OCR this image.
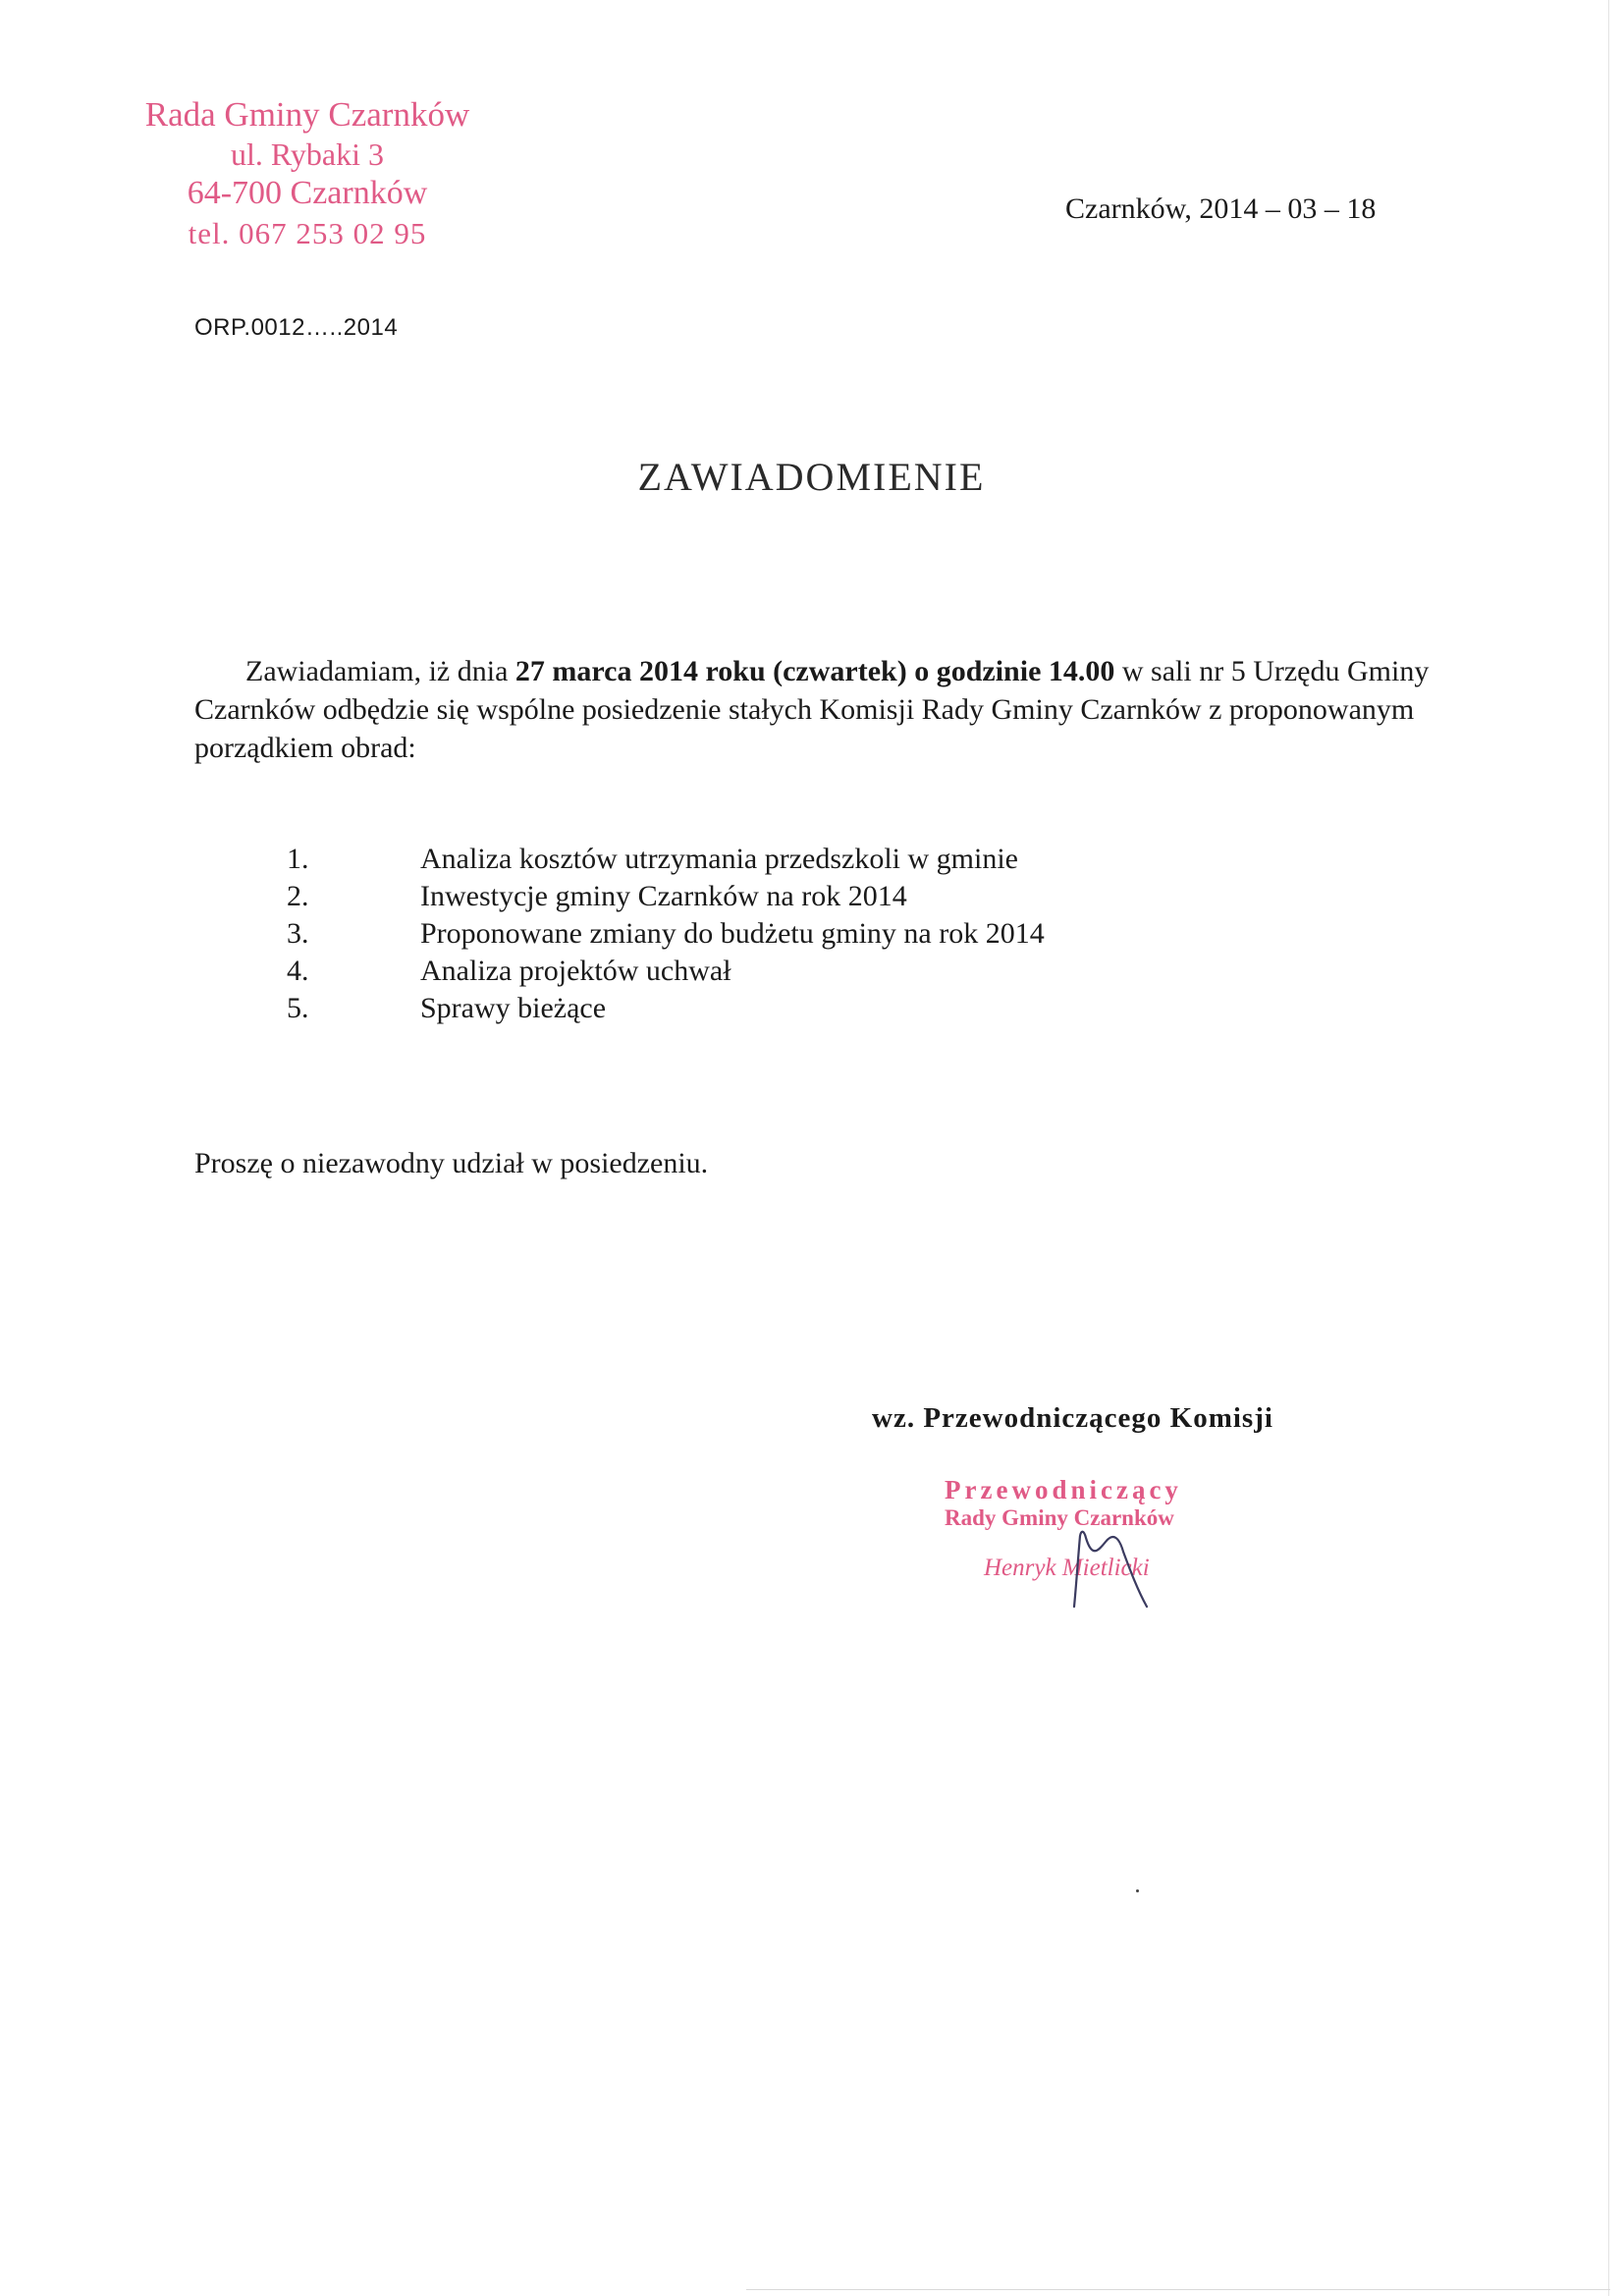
Rada Gminy Czarnków
ul. Rybaki 3
64-700 Czarnków
tel. 067 253 02 95
Czarnków, 2014 – 03 – 18
ORP.0012…..2014
ZAWIADOMIENIE
Zawiadamiam, iż dnia 27 marca 2014 roku (czwartek) o godzinie 14.00 w sali nr 5 Urzędu Gminy Czarnków odbędzie się wspólne posiedzenie stałych Komisji Rady Gminy Czarnków z proponowanym porządkiem obrad:
1.	Analiza kosztów utrzymania przedszkoli w gminie
2.	Inwestycje gminy Czarnków na rok 2014
3.	Proponowane zmiany do budżetu gminy na rok 2014
4.	Analiza projektów uchwał
5.	Sprawy bieżące
Proszę o niezawodny udział w posiedzeniu.
wz. Przewodniczącego Komisji
Przewodniczący
Rady Gminy Czarnków
Henryk Mietlicki
